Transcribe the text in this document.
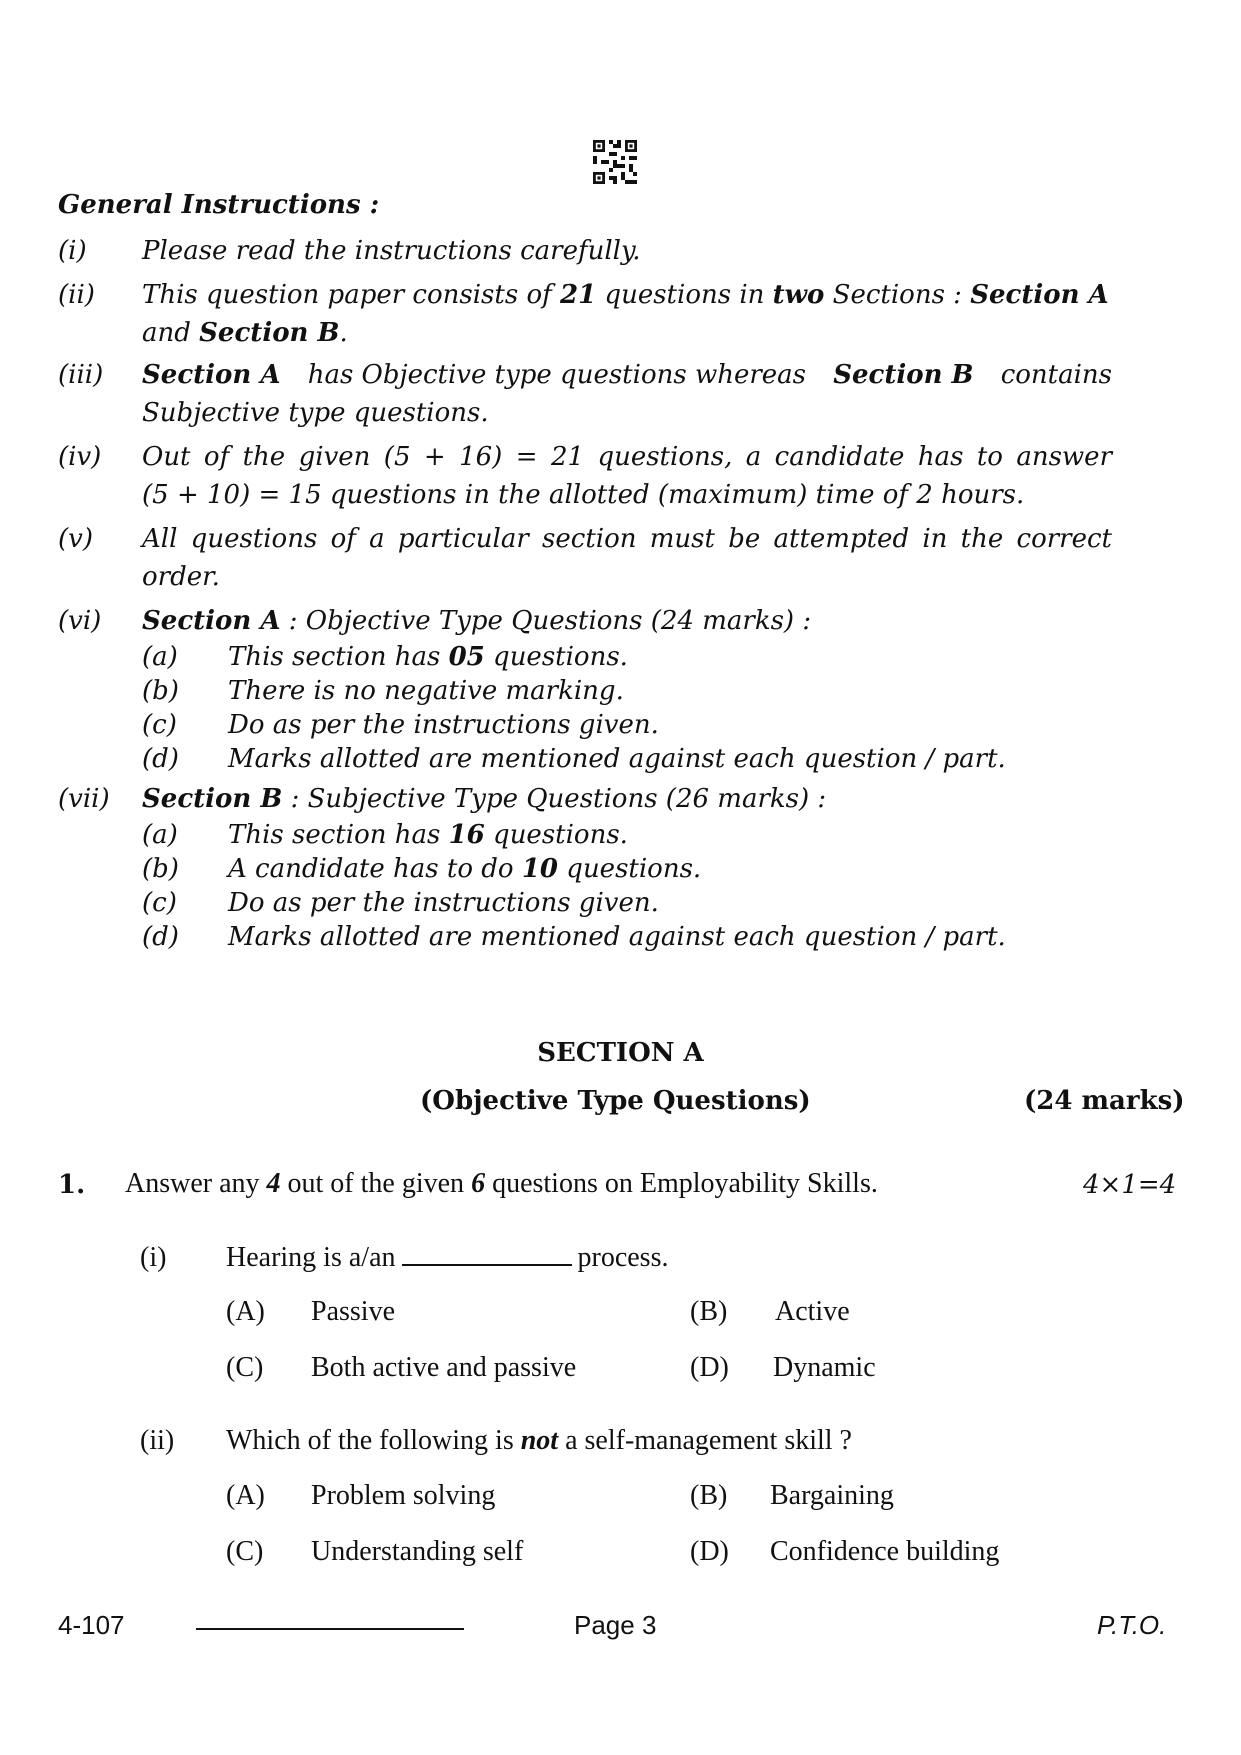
General Instructions :
(i) Please read the instructions carefully.
(ii) This question paper consists of 21 questions in two Sections : Section A
and Section B.
(iii) Section A has Objective type questions whereas Section B contains
Subjective type questions.
(iv) Out of the given (5 + 16) = 21 questions, a candidate has to answer
(5 + 10) = 15 questions in the allotted (maximum) time of 2 hours.
(v) All questions of a particular section must be attempted in the correct
order.
(vi) Section A : Objective Type Questions (24 marks) :
(a) This section has 05 questions.
(b) There is no negative marking.
(c) Do as per the instructions given.
(d) Marks allotted are mentioned against each question / part.
(vii) Section B : Subjective Type Questions (26 marks) :
(a) This section has 16 questions.
(b) A candidate has to do 10 questions.
(c) Do as per the instructions given.
(d) Marks allotted are mentioned against each question / part.
SECTION A
(Objective Type Questions)	(24 marks)
1. Answer any 4 out of the given 6 questions on Employability Skills.	4×1=4
(i) Hearing is a/an	process.
(A) Passive	(B) Active
(C) Both active and passive	(D) Dynamic
(ii) Which of the following is not a self-management skill ?
(A) Problem solving	(B) Bargaining
(C) Understanding self	(D) Confidence building
4-107	Page 3	P.T.O.
